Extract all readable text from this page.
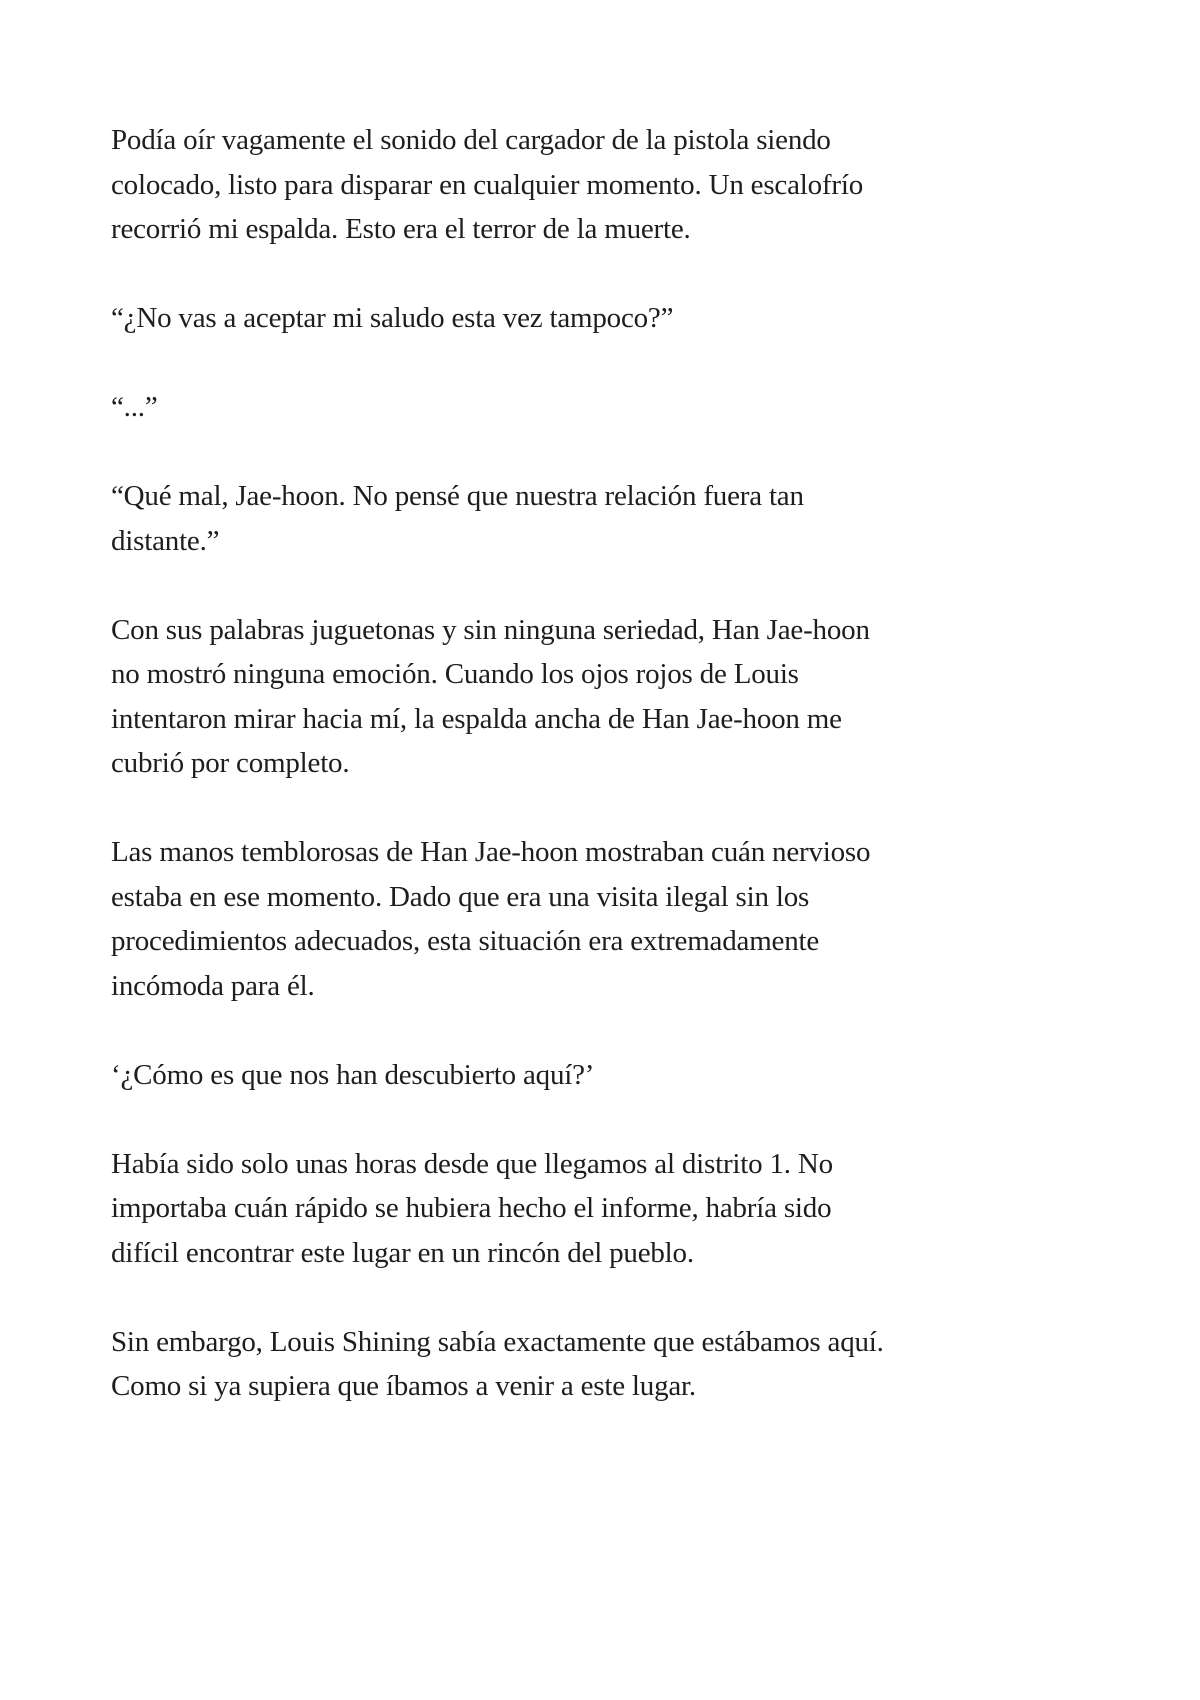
Podía oír vagamente el sonido del cargador de la pistola siendo
colocado, listo para disparar en cualquier momento. Un escalofrío
recorrió mi espalda. Esto era el terror de la muerte.

“¿No vas a aceptar mi saludo esta vez tampoco?”

“...”

“Qué mal, Jae-hoon. No pensé que nuestra relación fuera tan
distante.”

Con sus palabras juguetonas y sin ninguna seriedad, Han Jae-hoon
no mostró ninguna emoción. Cuando los ojos rojos de Louis
intentaron mirar hacia mí, la espalda ancha de Han Jae-hoon me
cubrió por completo.

Las manos temblorosas de Han Jae-hoon mostraban cuán nervioso
estaba en ese momento. Dado que era una visita ilegal sin los
procedimientos adecuados, esta situación era extremadamente
incómoda para él.

‘¿Cómo es que nos han descubierto aquí?’

Había sido solo unas horas desde que llegamos al distrito 1. No
importaba cuán rápido se hubiera hecho el informe, habría sido
difícil encontrar este lugar en un rincón del pueblo.

Sin embargo, Louis Shining sabía exactamente que estábamos aquí.
Como si ya supiera que íbamos a venir a este lugar.
